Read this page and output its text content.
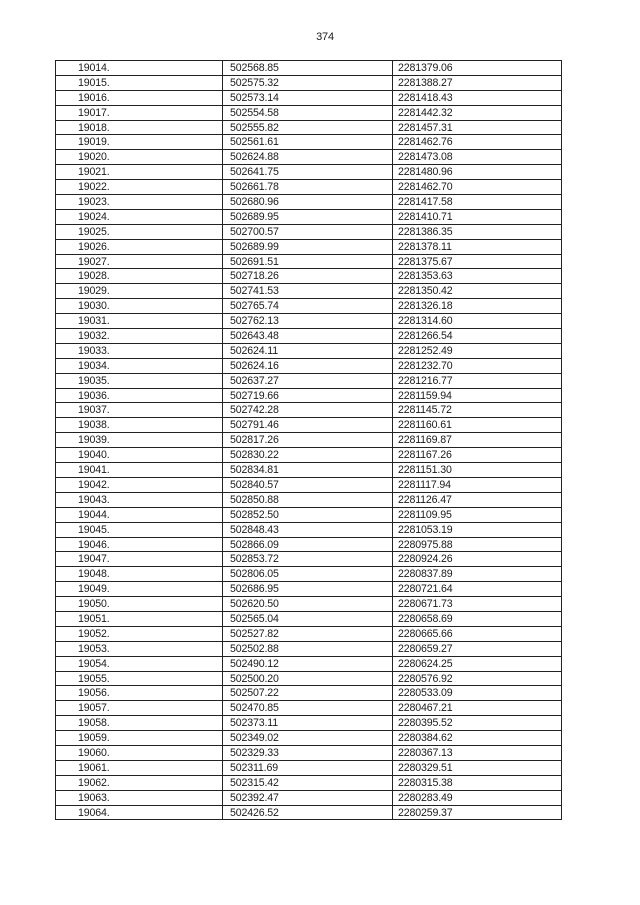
374
19014.	502568.85	2281379.06
19015.	502575.32	2281388.27
19016.	502573.14	2281418.43
19017.	502554.58	2281442.32
19018.	502555.82	2281457.31
19019.	502561.61	2281462.76
19020.	502624.88	2281473.08
19021.	502641.75	2281480.96
19022.	502661.78	2281462.70
19023.	502680.96	2281417.58
19024.	502689.95	2281410.71
19025.	502700.57	2281386.35
19026.	502689.99	2281378.11
19027.	502691.51	2281375.67
19028.	502718.26	2281353.63
19029.	502741.53	2281350.42
19030.	502765.74	2281326.18
19031.	502762.13	2281314.60
19032.	502643.48	2281266.54
19033.	502624.11	2281252.49
19034.	502624.16	2281232.70
19035.	502637.27	2281216.77
19036.	502719.66	2281159.94
19037.	502742.28	2281145.72
19038.	502791.46	2281160.61
19039.	502817.26	2281169.87
19040.	502830.22	2281167.26
19041.	502834.81	2281151.30
19042.	502840.57	2281117.94
19043.	502850.88	2281126.47
19044.	502852.50	2281109.95
19045.	502848.43	2281053.19
19046.	502866.09	2280975.88
19047.	502853.72	2280924.26
19048.	502806.05	2280837.89
19049.	502686.95	2280721.64
19050.	502620.50	2280671.73
19051.	502565.04	2280658.69
19052.	502527.82	2280665.66
19053.	502502.88	2280659.27
19054.	502490.12	2280624.25
19055.	502500.20	2280576.92
19056.	502507.22	2280533.09
19057.	502470.85	2280467.21
19058.	502373.11	2280395.52
19059.	502349.02	2280384.62
19060.	502329.33	2280367.13
19061.	502311.69	2280329.51
19062.	502315.42	2280315.38
19063.	502392.47	2280283.49
19064.	502426.52	2280259.37
